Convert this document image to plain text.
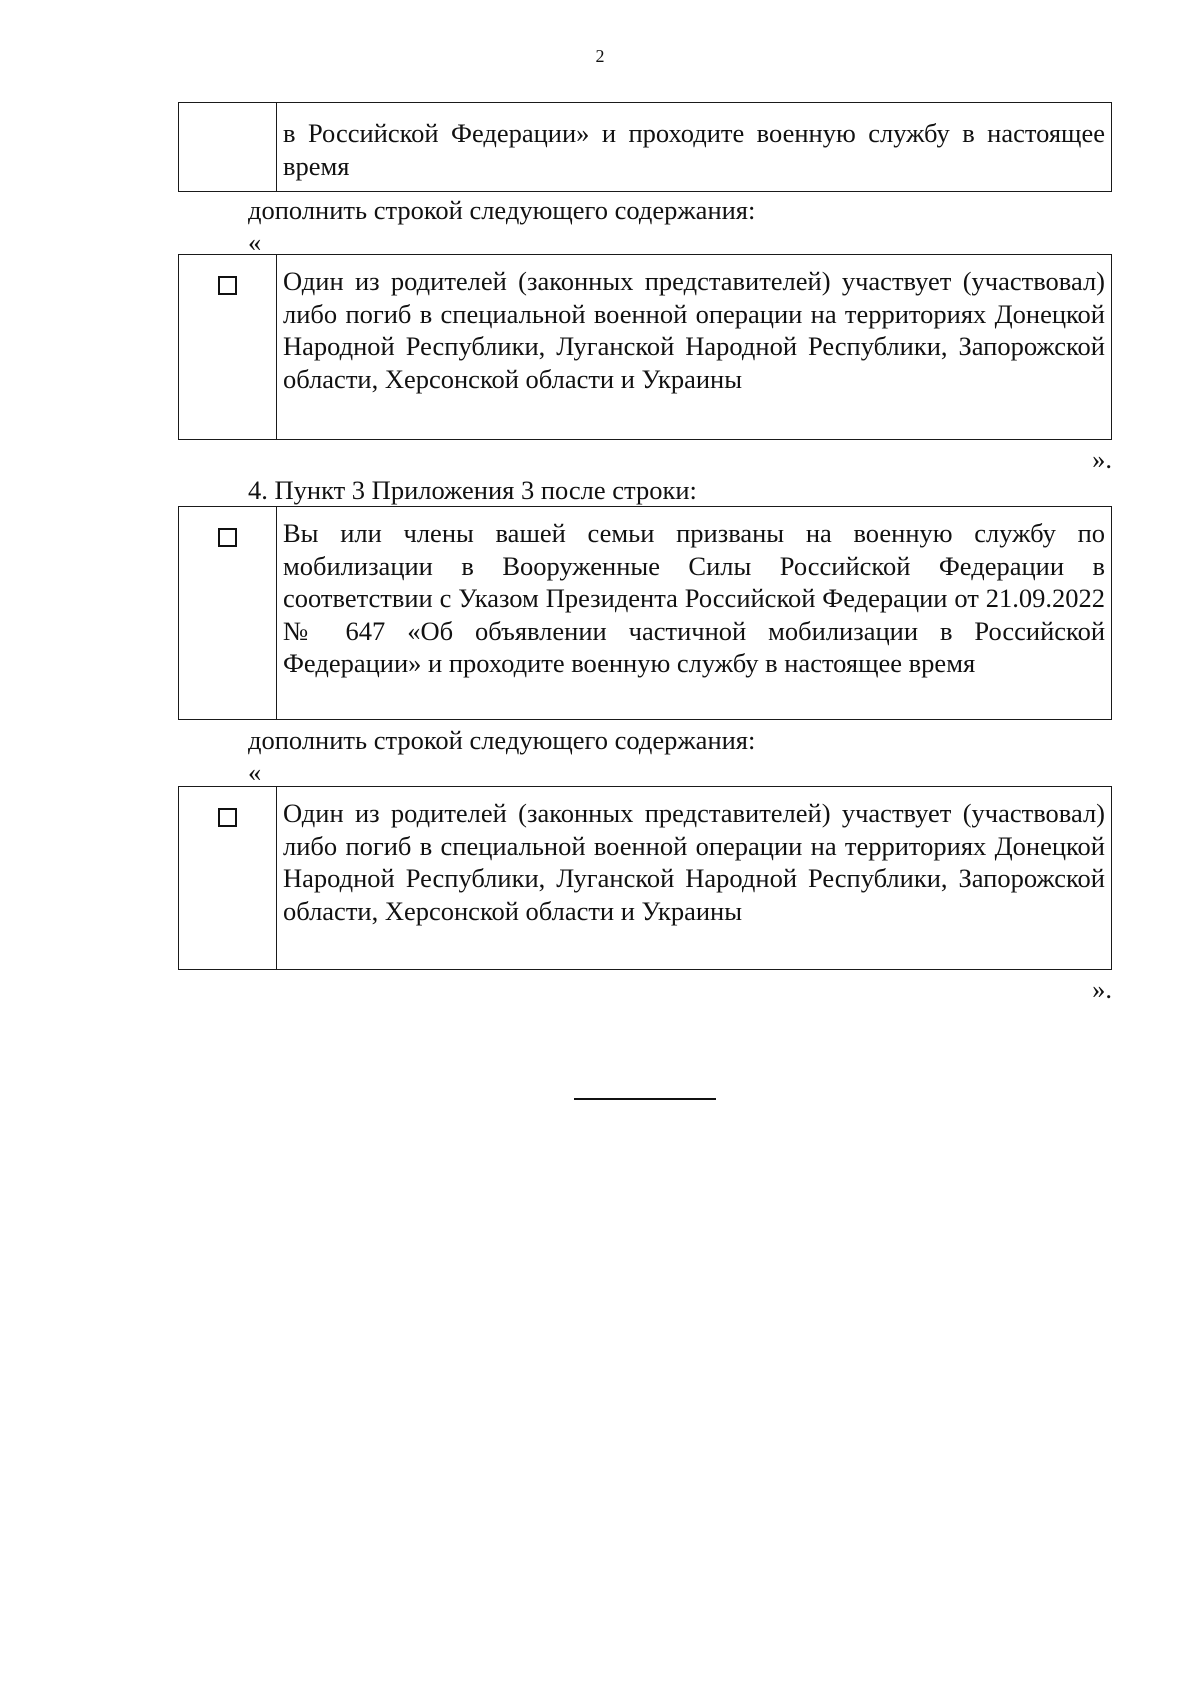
2
в Российской Федерации» и проходите военную службу в настоящее время
дополнить строкой следующего содержания:
«
Один из родителей (законных представителей) участвует (участвовал) либо погиб в специальной военной операции на территориях Донецкой Народной Республики, Луганской Народной Республики, Запорожской области, Херсонской области и Украины
».
4. Пункт 3 Приложения 3 после строки:
Вы или члены вашей семьи призваны на военную службу по мобилизации в Вооруженные Силы Российской Федерации в соответствии с Указом Президента Российской Федерации от 21.09.2022 № 647 «Об объявлении частичной мобилизации в Российской Федерации» и проходите военную службу в настоящее время
дополнить строкой следующего содержания:
«
Один из родителей (законных представителей) участвует (участвовал) либо погиб в специальной военной операции на территориях Донецкой Народной Республики, Луганской Народной Республики, Запорожской области, Херсонской области и Украины
».
